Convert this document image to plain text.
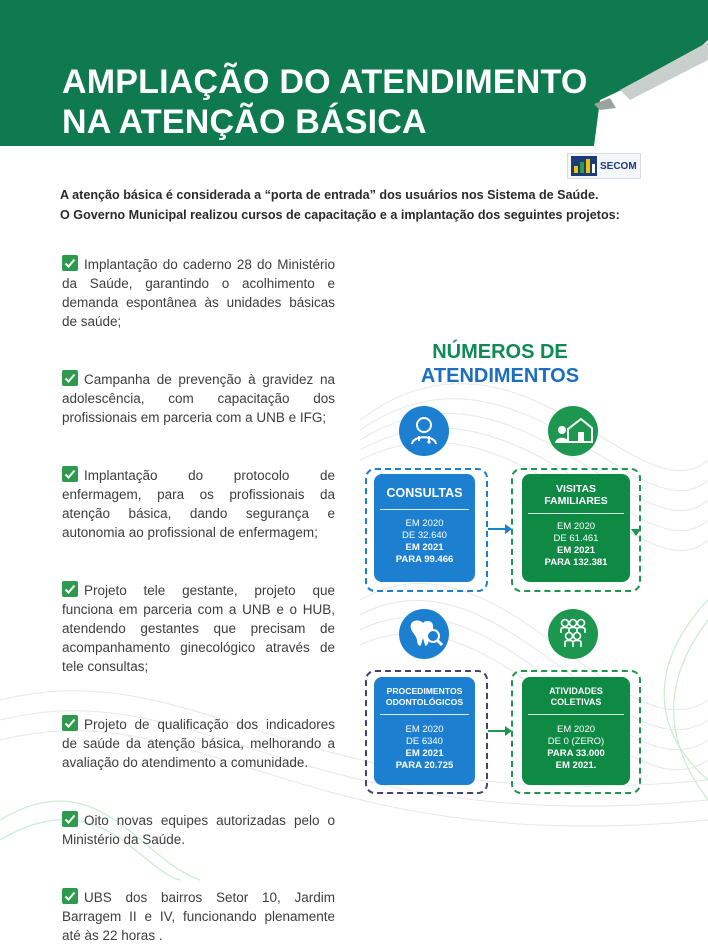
AMPLIAÇÃO DO ATENDIMENTO
NA ATENÇÃO BÁSICA
SECOM

A atenção básica é considerada a “porta de entrada” dos usuários nos Sistema de Saúde.

O Governo Municipal realizou cursos de capacitação e a implantação dos seguintes projetos:

Implantação do caderno 28 do Ministério da Saúde, garantindo o acolhimento e demanda espontânea às unidades básicas de saúde;
Campanha de prevenção à gravidez na adolescência, com capacitação dos profissionais em parceria com a UNB e IFG;
Implantação do protocolo de enfermagem, para os profissionais da atenção básica, dando segurança e autonomia ao profissional de enfermagem;
Projeto tele gestante, projeto que funciona em parceria com a UNB e o HUB, atendendo gestantes que precisam de acompanhamento ginecológico através de tele consultas;
Projeto de qualificação dos indicadores de saúde da atenção básica, melhorando a avaliação do atendimento a comunidade.
Oito novas equipes autorizadas pelo o Ministério da Saúde.
UBS dos bairros Setor 10, Jardim Barragem II e IV, funcionando plenamente até às 22 horas .
NÚMEROS DE
ATENDIMENTOS
CONSULTAS
EM 2020
DE 32.640
EM 2021
PARA 99.466
VISITAS
FAMILIARES
EM 2020
DE 61.461
EM 2021
PARA 132.381
PROCEDIMENTOS
ODONTOLÓGICOS
EM 2020
DE 6340
EM 2021
PARA 20.725
ATIVIDADES
COLETIVAS
EM 2020
DE 0 (ZERO)
PARA 33.000
EM 2021.
